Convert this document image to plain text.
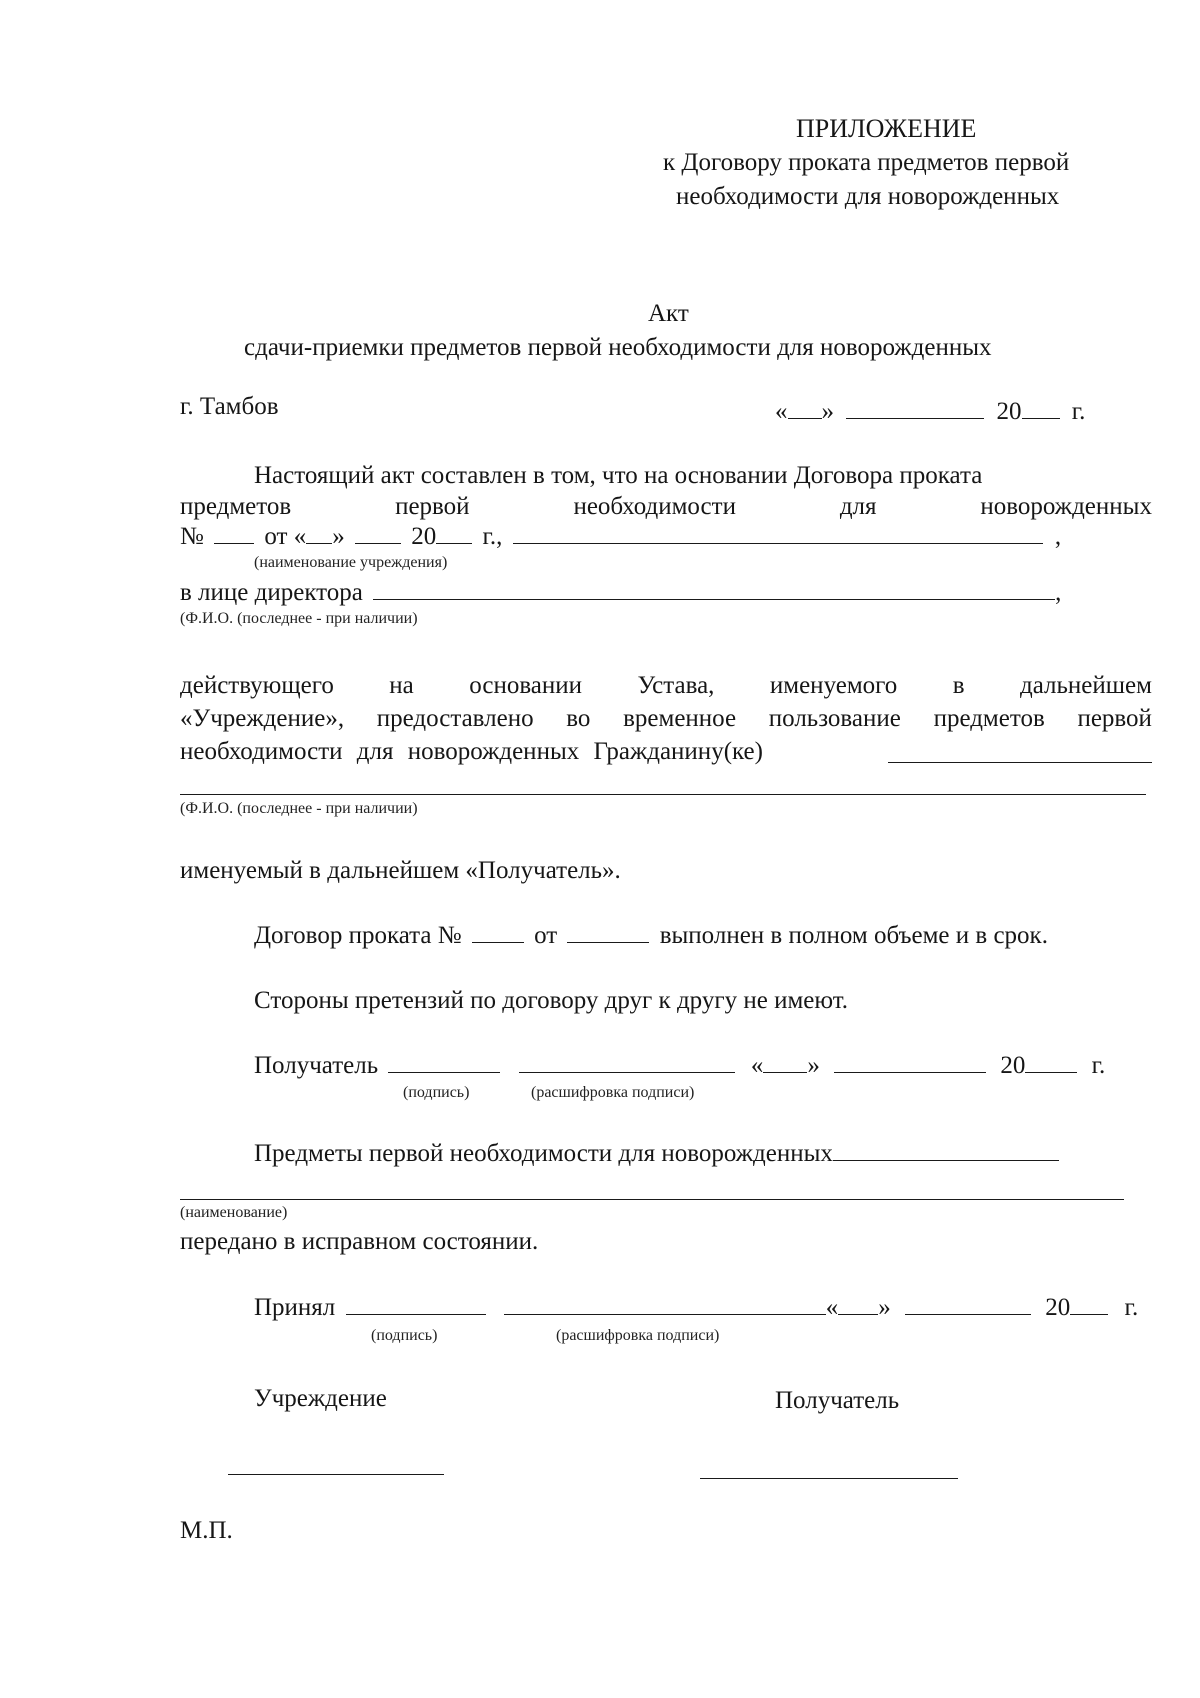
ПРИЛОЖЕНИЕ
к Договору проката предметов первой
необходимости для новорожденных
Акт
сдачи-приемки предметов первой необходимости для новорожденных
г. Тамбов	« »	20 г.
Настоящий акт составлен в том, что на основании Договора проката
предметов	первой	необходимости	для	новорожденных
№ от « »	20 г.,	,
(наименование учреждения)
в лице директора	,
(Ф.И.О. (последнее - при наличии)
действующего на основании Устава, именуемого в дальнейшем
«Учреждение», предоставлено во временное пользование предметов первой
необходимости для новорожденных Гражданину(ке)
(Ф.И.О. (последнее - при наличии)
именуемый в дальнейшем «Получатель».
Договор проката №	от	выполнен в полном объеме и в срок.
Стороны претензий по договору друг к другу не имеют.
Получатель	« »	20	г.
(подпись)	(расшифровка подписи)
Предметы первой необходимости для новорожденных
(наименование)
передано в исправном состоянии.
Принял	« »	20 г.
(подпись)	(расшифровка подписи)
Учреждение	Получатель
М.П.
